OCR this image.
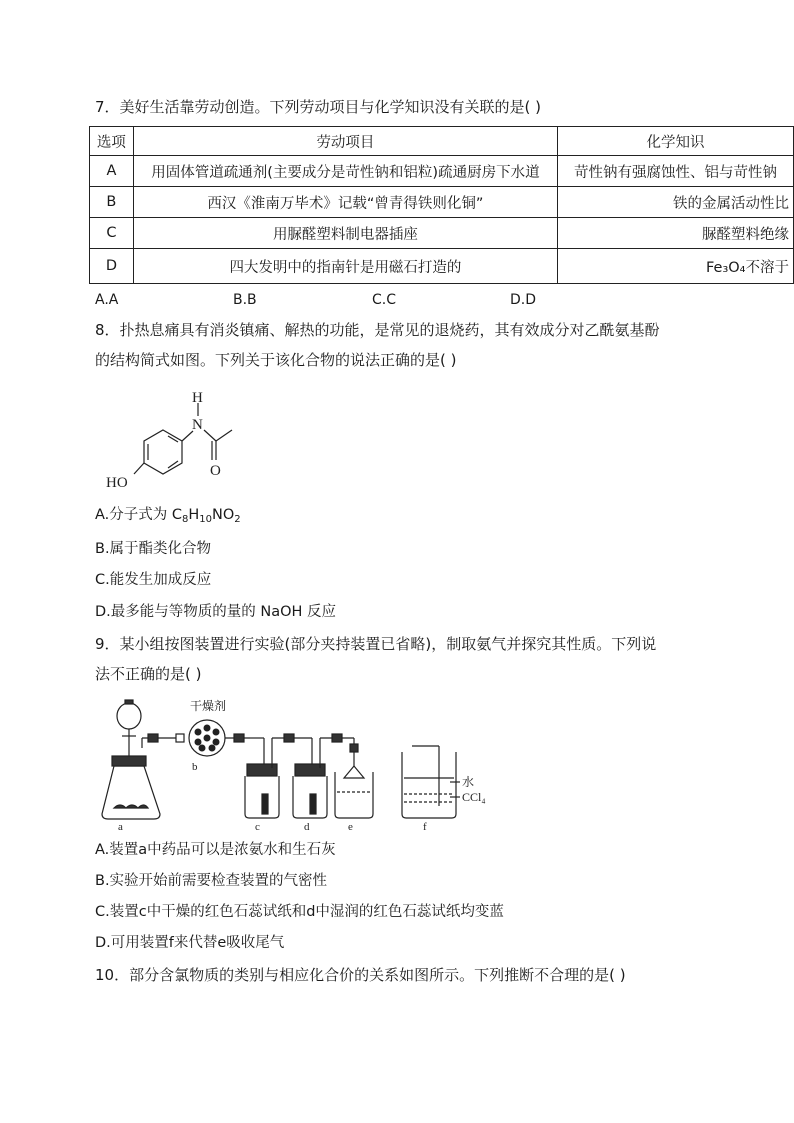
7．美好生活靠劳动创造。下列劳动项目与化学知识没有关联的是( )
选项	劳动项目	化学知识
A	用固体管道疏通剂(主要成分是苛性钠和铝粒)疏通厨房下水道	苛性钠有强腐蚀性、铝与苛性钠
B	西汉《淮南万毕术》记载“曾青得铁则化铜”	铁的金属活动性比
C	用脲醛塑料制电器插座	脲醛塑料绝缘
D	四大发明中的指南针是用磁石打造的	Fe₃O₄不溶于
A.A	B.B	C.C	D.D
8．扑热息痛具有消炎镇痛、解热的功能，是常见的退烧药，其有效成分对乙酰氨基酚
的结构简式如图。下列关于该化合物的说法正确的是( )
H
N
O
HO
A.分子式为 $C_8H_{10}NO_2$
B.属于酯类化合物
C.能发生加成反应
D.最多能与等物质的量的 NaOH 反应
9．某小组按图装置进行实验(部分夹持装置已省略)，制取氨气并探究其性质。下列说
法不正确的是( )
干燥剂
a
b
c	d	e	f
水
CCl₄
A.装置a中药品可以是浓氨水和生石灰
B.实验开始前需要检查装置的气密性
C.装置c中干燥的红色石蕊试纸和d中湿润的红色石蕊试纸均变蓝
D.可用装置f来代替e吸收尾气
10．部分含氯物质的类别与相应化合价的关系如图所示。下列推断不合理的是( )
